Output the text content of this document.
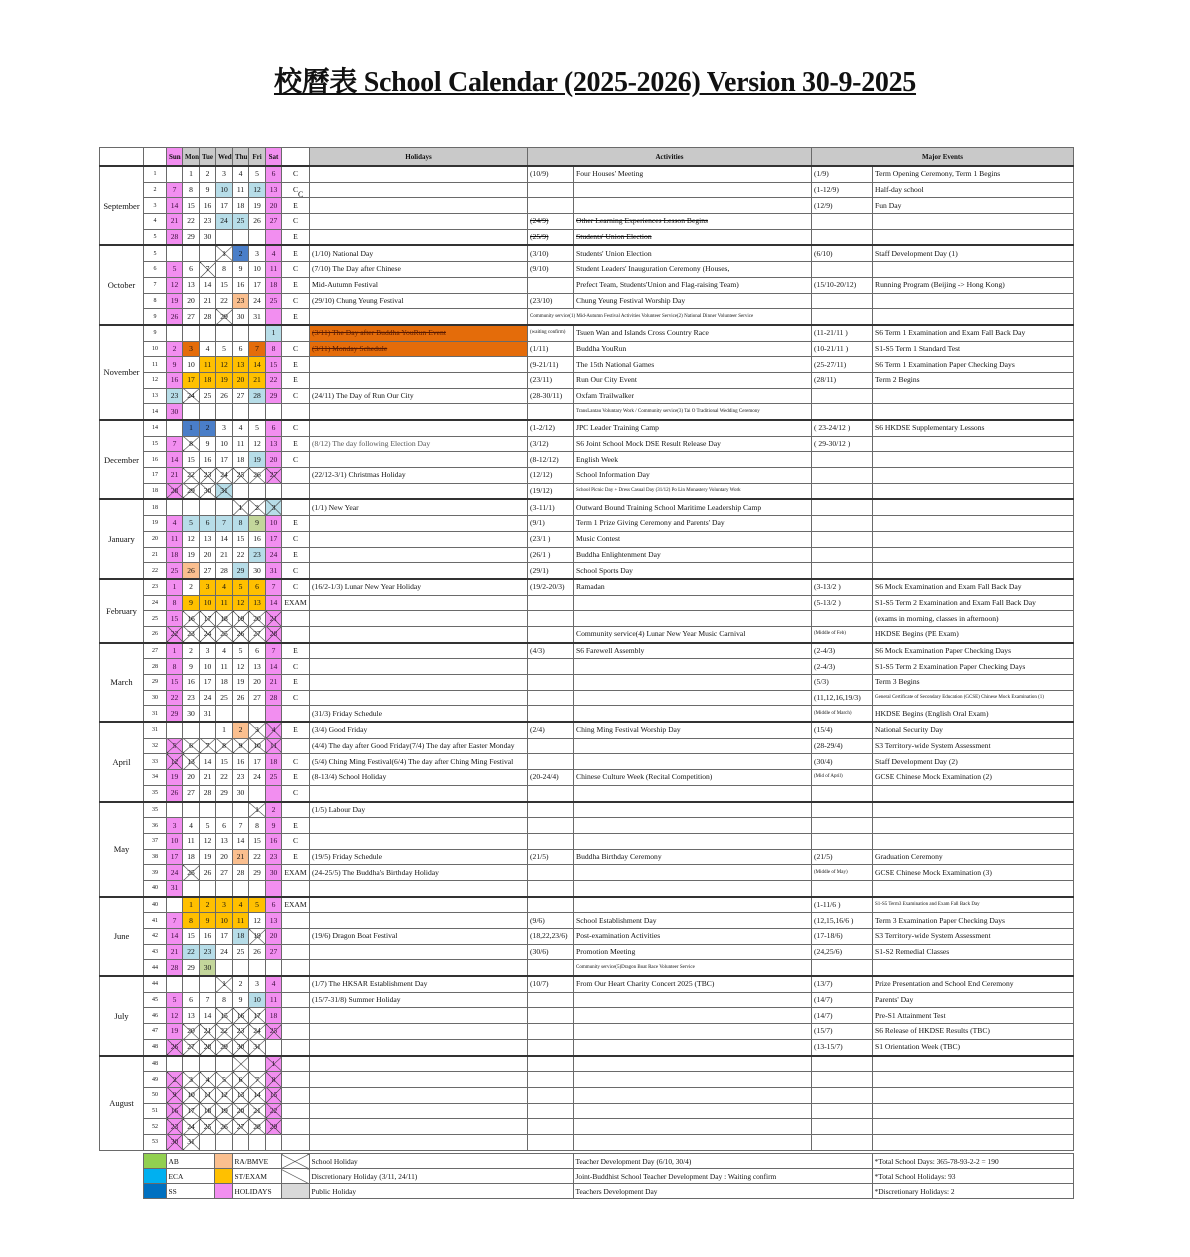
校曆表 School Calendar (2025-2026) Version 30-9-2025
C
		Sun	Mon	Tue	Wed	Thu	Fri	Sat		Holidays	Activities		Major Events	
September	1		1	2	3	4	5	6	C		(10/9)	Four Houses' Meeting	(1/9)	Term Opening Ceremony, Term 1 Begins
	2	7	8	9	10	11	12	13	C				(1-12/9)	Half-day school
	3	14	15	16	17	18	19	20	E				(12/9)	Fun Day
	4	21	22	23	24	25	26	27	C		(24/9)	Other Learning Experiences Lesson Begins		
	5	28	29	30					E		(25/9)	Students' Union Election		
October	5				1	2	3	4	E	(1/10) National Day	(3/10)	Students' Union Election	(6/10)	Staff Development Day (1)
	6	5	6	7	8	9	10	11	C	(7/10) The Day after Chinese	(9/10)	Student Leaders' Inauguration Ceremony (Houses,		
	7	12	13	14	15	16	17	18	E	Mid-Autumn Festival		Prefect Team, Students'Union and Flag-raising Team)	(15/10-20/12)	Running Program (Beijing -> Hong Kong)
	8	19	20	21	22	23	24	25	C	(29/10) Chung Yeung Festival	(23/10)	Chung Yeung Festival Worship Day		
	9	26	27	28	29	30	31		E		Community service(1) Mid-Autumn Festival Activities Volunteer Service(2) National Dinner Volunteer Service			
November	9							1		(3/11) The Day after Buddha YouRun Event	(waiting confirm)	Tsuen Wan and Islands Cross Country Race	(11-21/11 )	S6 Term 1 Examination and Exam Fall Back Day
	10	2	3	4	5	6	7	8	C	(3/11) Monday Schedule	(1/11)	Buddha YouRun	(10-21/11 )	S1-S5 Term 1 Standard Test
	11	9	10	11	12	13	14	15	E		(9-21/11)	The 15th National Games	(25-27/11)	S6 Term 1 Examination Paper Checking Days
	12	16	17	18	19	20	21	22	E		(23/11)	Run Our City Event	(28/11)	Term 2 Begins
	13	23	24	25	26	27	28	29	C	(24/11) The Day of Run Our City	(28-30/11)	Oxfam Trailwalker		
	14	30										TransLantau Voluntary Work / Community service(3) Tai O Traditional Wedding Ceremony		
December	14		1	2	3	4	5	6	C		(1-2/12)	JPC Leader Training Camp	( 23-24/12 )	S6 HKDSE Supplementary Lessons
	15	7	8	9	10	11	12	13	E	(8/12) The day following Election Day	(3/12)	S6 Joint School Mock DSE Result Release Day	( 29-30/12 )	
	16	14	15	16	17	18	19	20	C		(8-12/12)	English Week		
	17	21	22	23	24	25	26	27		(22/12-3/1) Christmas Holiday	(12/12)	School Information Day		
	18	28	29	30	31						(19/12)	School Picnic Day + Dress Casual Day (31/12) Po Lin Monastery Voluntary Work		
January	18					1	2	3		(1/1) New Year	(3-11/1)	Outward Bound Training School Maritime Leadership Camp		
	19	4	5	6	7	8	9	10	E		(9/1)	Term 1 Prize Giving Ceremony and Parents' Day		
	20	11	12	13	14	15	16	17	C		(23/1 )	Music Contest		
	21	18	19	20	21	22	23	24	E		(26/1 )	Buddha Enlightenment Day		
	22	25	26	27	28	29	30	31	C		(29/1)	School Sports Day		
February	23	1	2	3	4	5	6	7	C	(16/2-1/3) Lunar New Year Holiday	(19/2-20/3)	Ramadan	(3-13/2 )	S6 Mock Examination and Exam Fall Back Day
	24	8	9	10	11	12	13	14	EXAM				(5-13/2 )	S1-S5 Term 2 Examination and Exam Fall Back Day
	25	15	16	17	18	19	20	21						(exams in morning, classes in afternoon)
	26	22	23	24	25	26	27	28				Community service(4) Lunar New Year Music Carnival	(Middle of Feb)	HKDSE Begins (PE Exam)
March	27	1	2	3	4	5	6	7	E		(4/3)	S6 Farewell Assembly	(2-4/3)	S6 Mock Examination Paper Checking Days
	28	8	9	10	11	12	13	14	C				(2-4/3)	S1-S5 Term 2 Examination Paper Checking Days
	29	15	16	17	18	19	20	21	E				(5/3)	Term 3 Begins
	30	22	23	24	25	26	27	28	C				(11,12,16,19/3)	General Certificate of Secondary Education (GCSE) Chinese Mock Examination (1)
	31	29	30	31						(31/3) Friday Schedule			(Middle of March)	HKDSE Begins (English Oral Exam)
April	31				1	2	3	4	E	(3/4) Good Friday	(2/4)	Ching Ming Festival Worship Day	(15/4)	National Security Day
	32	5	6	7	8	9	10	11		(4/4) The day after Good Friday(7/4) The day after Easter Monday			(28-29/4)	S3 Territory-wide System Assessment
	33	12	13	14	15	16	17	18	C	(5/4) Ching Ming Festival(6/4) The day after Ching Ming Festival			(30/4)	Staff Development Day (2)
	34	19	20	21	22	23	24	25	E	(8-13/4) School Holiday	(20-24/4)	Chinese Culture Week (Recital Competition)	(Mid of April)	GCSE Chinese Mock Examination (2)
	35	26	27	28	29	30			C					
May	35						1	2		(1/5) Labour Day				
	36	3	4	5	6	7	8	9	E					
	37	10	11	12	13	14	15	16	C					
	38	17	18	19	20	21	22	23	E	(19/5) Friday Schedule	(21/5)	Buddha Birthday Ceremony	(21/5)	Graduation Ceremony
	39	24	25	26	27	28	29	30	EXAM	(24-25/5) The Buddha's Birthday Holiday			(Middle of May)	GCSE Chinese Mock Examination (3)
	40	31												
June	40		1	2	3	4	5	6	EXAM				(1-11/6 )	S1-S5 Term3 Examination and Exam Fall Back Day
	41	7	8	9	10	11	12	13			(9/6)	School Establishment Day	(12,15,16/6 )	Term 3 Examination Paper Checking Days
	42	14	15	16	17	18	19	20		(19/6) Dragon Boat Festival	(18,22,23/6)	Post-examination Activities	(17-18/6)	S3 Territory-wide System Assessment
	43	21	22	23	24	25	26	27			(30/6)	Promotion Meeting	(24,25/6)	S1-S2 Remedial Classes
	44	28	29	30								Community service(5)Dragon Boat Race Volunteer Service		
July	44				1	2	3	4		(1/7) The HKSAR Establishment Day	(10/7)	From Our Heart Charity Concert 2025 (TBC)	(13/7)	Prize Presentation and School End Ceremony
	45	5	6	7	8	9	10	11		(15/7-31/8) Summer Holiday			(14/7)	Parents' Day
	46	12	13	14	15	16	17	18					(14/7)	Pre-S1 Attainment Test
	47	19	20	21	22	23	24	25					(15/7)	S6 Release of HKDSE Results (TBC)
	48	26	27	28	29	30	31						(13-15/7)	S1 Orientation Week (TBC)
August	48							1						
	49	2	3	4	5	6	7	8						
	50	9	10	11	12	13	14	15						
	51	16	17	18	19	20	21	22						
	52	23	24	25	26	27	28	29						
	53	30	31											
		AB		RA/BMVE		School Holiday	Teacher Development Day (6/10, 30/4)	*Total School Days: 365-78-93-2-2 = 190
		ECA		ST/EXAM		Discretionary Holiday (3/11, 24/11)	Joint-Buddhist School Teacher Development Day : Waiting confirm	*Total School Holidays: 93
		SS		HOLIDAYS		Public Holiday	Teachers Development Day	*Discretionary Holidays: 2
